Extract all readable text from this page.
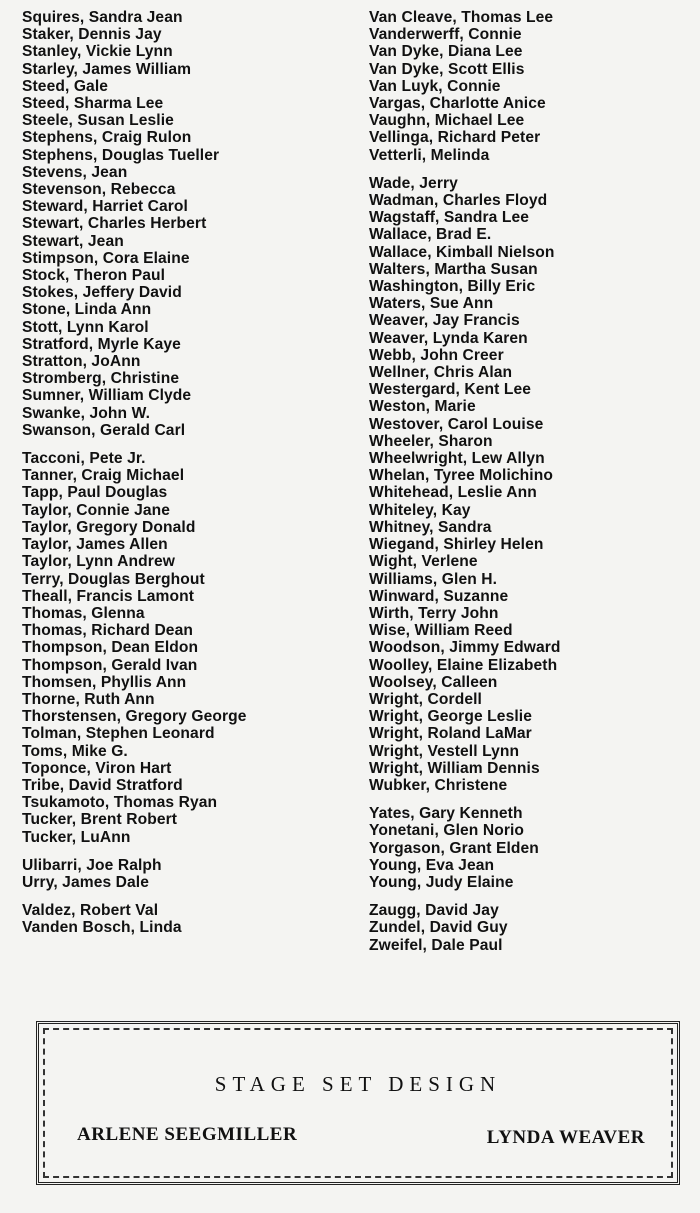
Squires, Sandra Jean
Staker, Dennis Jay
Stanley, Vickie Lynn
Starley, James William
Steed, Gale
Steed, Sharma Lee
Steele, Susan Leslie
Stephens, Craig Rulon
Stephens, Douglas Tueller
Stevens, Jean
Stevenson, Rebecca
Steward, Harriet Carol
Stewart, Charles Herbert
Stewart, Jean
Stimpson, Cora Elaine
Stock, Theron Paul
Stokes, Jeffery David
Stone, Linda Ann
Stott, Lynn Karol
Stratford, Myrle Kaye
Stratton, JoAnn
Stromberg, Christine
Sumner, William Clyde
Swanke, John W.
Swanson, Gerald Carl
Tacconi, Pete Jr.
Tanner, Craig Michael
Tapp, Paul Douglas
Taylor, Connie Jane
Taylor, Gregory Donald
Taylor, James Allen
Taylor, Lynn Andrew
Terry, Douglas Berghout
Theall, Francis Lamont
Thomas, Glenna
Thomas, Richard Dean
Thompson, Dean Eldon
Thompson, Gerald Ivan
Thomsen, Phyllis Ann
Thorne, Ruth Ann
Thorstensen, Gregory George
Tolman, Stephen Leonard
Toms, Mike G.
Toponce, Viron Hart
Tribe, David Stratford
Tsukamoto, Thomas Ryan
Tucker, Brent Robert
Tucker, LuAnn
Ulibarri, Joe Ralph
Urry, James Dale
Valdez, Robert Val
Vanden Bosch, Linda
Van Cleave, Thomas Lee
Vanderwerff, Connie
Van Dyke, Diana Lee
Van Dyke, Scott Ellis
Van Luyk, Connie
Vargas, Charlotte Anice
Vaughn, Michael Lee
Vellinga, Richard Peter
Vetterli, Melinda
Wade, Jerry
Wadman, Charles Floyd
Wagstaff, Sandra Lee
Wallace, Brad E.
Wallace, Kimball Nielson
Walters, Martha Susan
Washington, Billy Eric
Waters, Sue Ann
Weaver, Jay Francis
Weaver, Lynda Karen
Webb, John Creer
Wellner, Chris Alan
Westergard, Kent Lee
Weston, Marie
Westover, Carol Louise
Wheeler, Sharon
Wheelwright, Lew Allyn
Whelan, Tyree Molichino
Whitehead, Leslie Ann
Whiteley, Kay
Whitney, Sandra
Wiegand, Shirley Helen
Wight, Verlene
Williams, Glen H.
Winward, Suzanne
Wirth, Terry John
Wise, William Reed
Woodson, Jimmy Edward
Woolley, Elaine Elizabeth
Woolsey, Calleen
Wright, Cordell
Wright, George Leslie
Wright, Roland LaMar
Wright, Vestell Lynn
Wright, William Dennis
Wubker, Christene
Yates, Gary Kenneth
Yonetani, Glen Norio
Yorgason, Grant Elden
Young, Eva Jean
Young, Judy Elaine
Zaugg, David Jay
Zundel, David Guy
Zweifel, Dale Paul
STAGE SET DESIGN
ARLENE SEEGMILLER	LYNDA WEAVER
